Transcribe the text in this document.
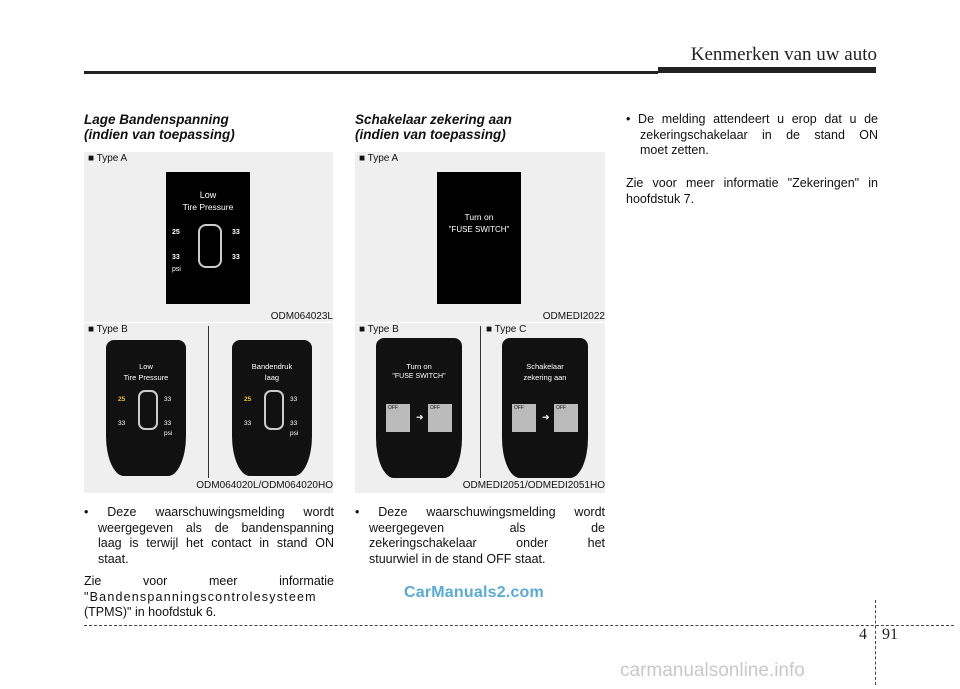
Kenmerken van uw auto
Lage Bandenspanning
(indien van toepassing)
■ Type A
Low
Tire Pressure
25	33
33	33
psi
ODM064023L
■ Type B
Low
Tire Pressure
25	33
33	33
psi
Bandendruk
laag
25	33
33	33
psi
ODM064020L/ODM064020HO
• Deze waarschuwingsmelding wordt
weergegeven als de bandenspanning
laag is terwijl het contact in stand ON
staat.
Zie voor meer informatie
"Bandenspanningscontrolesysteem
(TPMS)" in hoofdstuk 6.
Schakelaar zekering aan
(indien van toepassing)
■ Type A
Turn on
"FUSE SWITCH"
ODMEDI2022
■ Type B	■ Type C
Turn on
"FUSE SWITCH"
OFF
➜
OFF
Schakelaar
zekering aan
OFF
➜
OFF
ODMEDI2051/ODMEDI2051HO
• Deze waarschuwingsmelding wordt
weergegeven als de
zekeringschakelaar onder het
stuurwiel in de stand OFF staat.
• De melding attendeert u erop dat u de
zekeringschakelaar in de stand ON
moet zetten.
Zie voor meer informatie "Zekeringen" in
hoofdstuk 7.
CarManuals2.com
4 91
carmanualsonline.info
